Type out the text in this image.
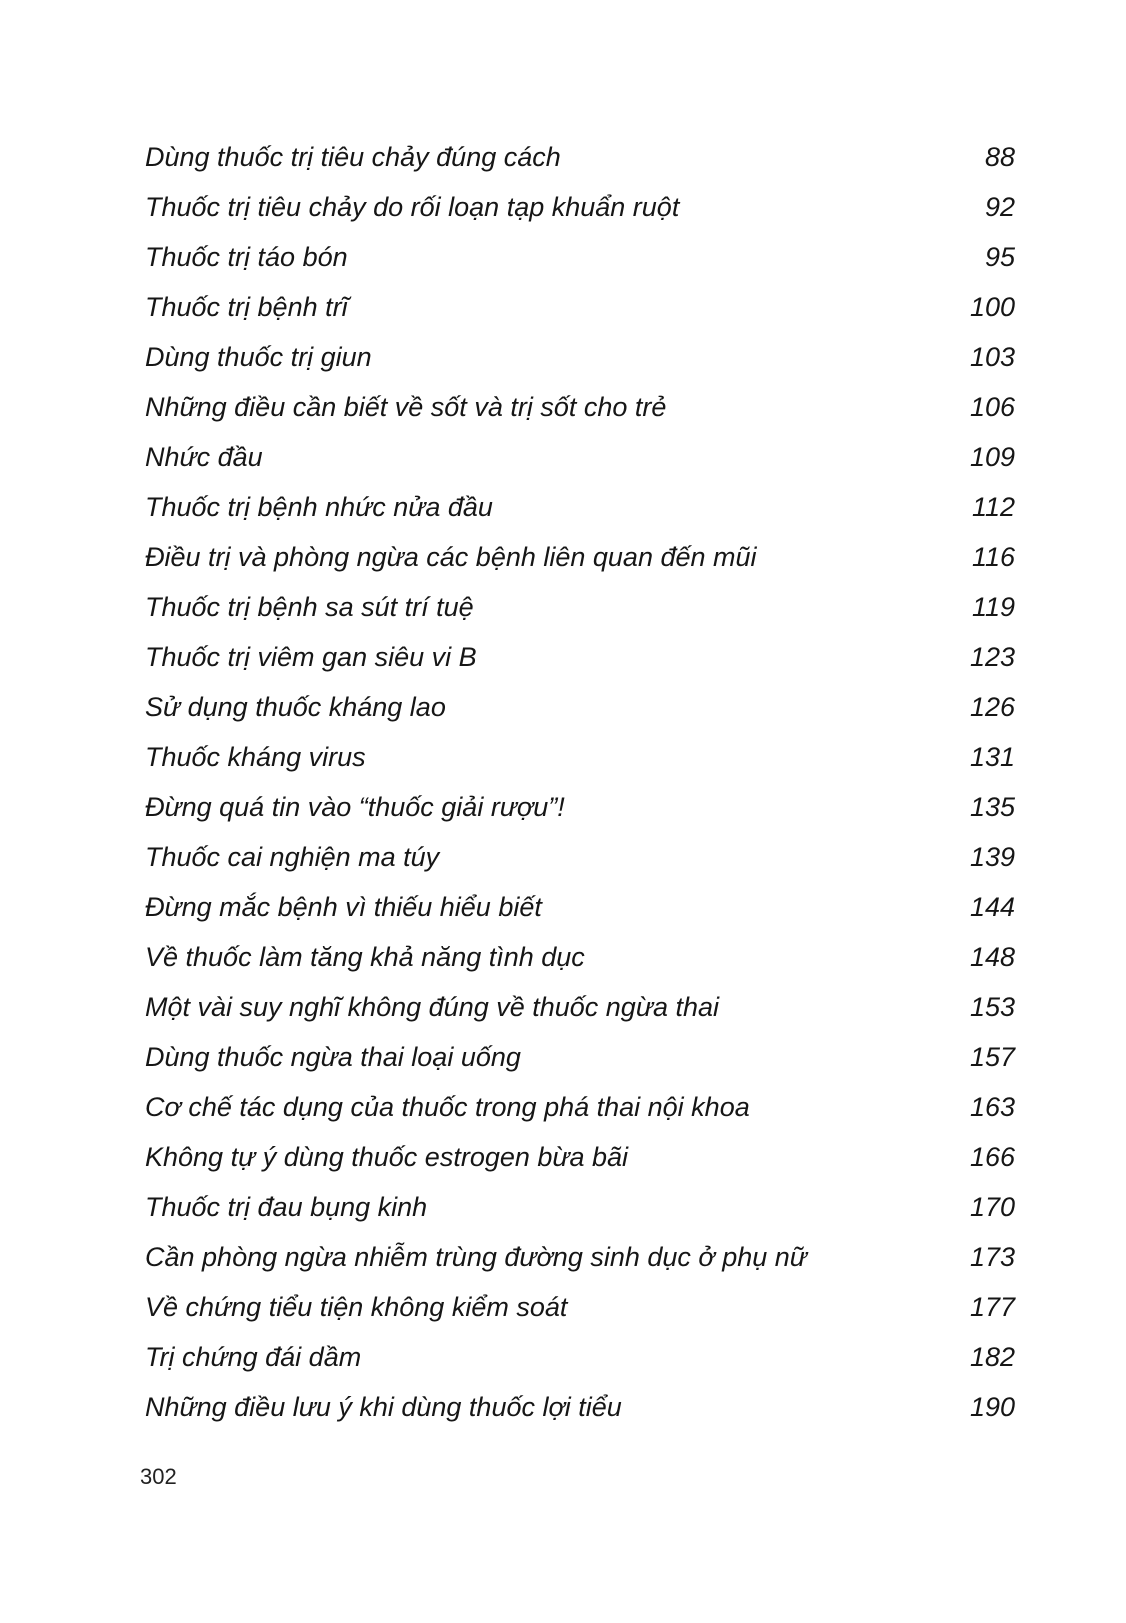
Dùng thuốc trị tiêu chảy đúng cách	88
Thuốc trị tiêu chảy do rối loạn tạp khuẩn ruột	92
Thuốc trị táo bón	95
Thuốc trị bệnh trĩ	100
Dùng thuốc trị giun	103
Những điều cần biết về sốt và trị sốt cho trẻ	106
Nhức đầu	109
Thuốc trị bệnh nhức nửa đầu	112
Điều trị và phòng ngừa các bệnh liên quan đến mũi	116
Thuốc trị bệnh sa sút trí tuệ	119
Thuốc trị viêm gan siêu vi B	123
Sử dụng thuốc kháng lao	126
Thuốc kháng virus	131
Đừng quá tin vào “thuốc giải rượu”!	135
Thuốc cai nghiện ma túy	139
Đừng mắc bệnh vì thiếu hiểu biết	144
Về thuốc làm tăng khả năng tình dục	148
Một vài suy nghĩ không đúng về thuốc ngừa thai	153
Dùng thuốc ngừa thai loại uống	157
Cơ chế tác dụng của thuốc trong phá thai nội khoa	163
Không tự ý dùng thuốc estrogen bừa bãi	166
Thuốc trị đau bụng kinh	170
Cần phòng ngừa nhiễm trùng đường sinh dục ở phụ nữ	173
Về chứng tiểu tiện không kiểm soát	177
Trị chứng đái dầm	182
Những điều lưu ý khi dùng thuốc lợi tiểu	190
302
